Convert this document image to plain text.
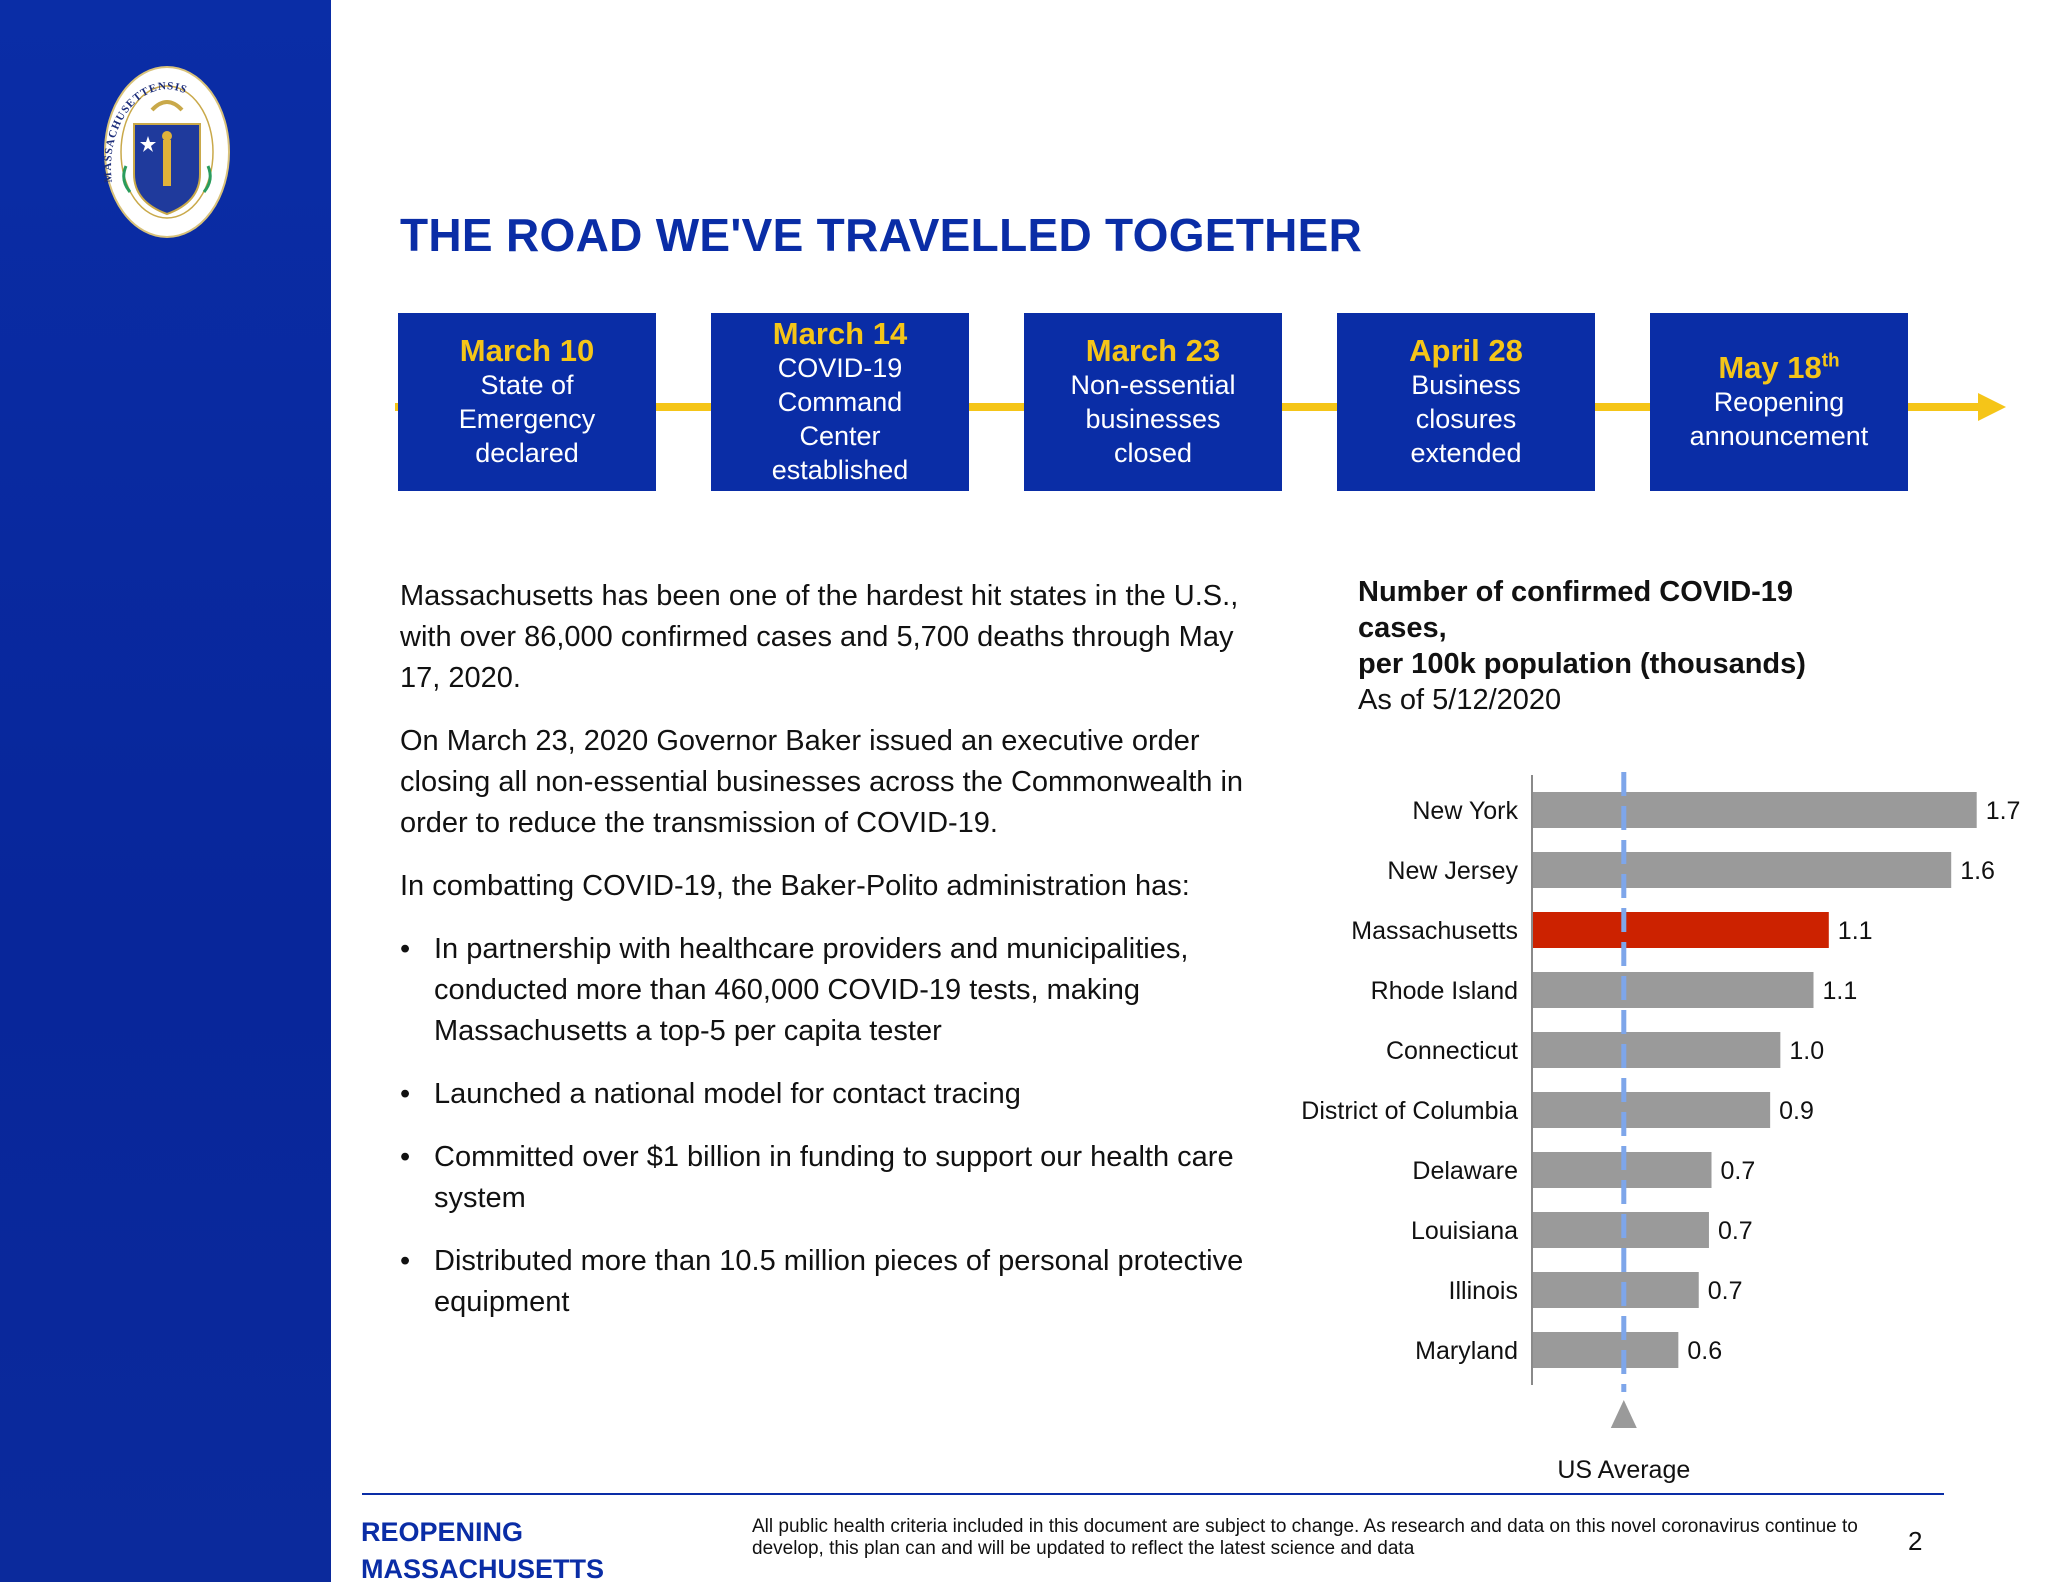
MASSACHUSETTENSIS
THE ROAD WE'VE TRAVELLED TOGETHER
March 10
State of
Emergency
declared
March 14
COVID-19
Command
Center
established
March 23
Non-essential
businesses
closed
April 28
Business
closures
extended
May 18th
Reopening
announcement

Massachusetts has been one of the hardest hit states in the U.S., with over 86,000 confirmed cases and 5,700 deaths through May 17, 2020.

On March 23, 2020 Governor Baker issued an executive order closing all non-essential businesses across the Commonwealth in order to reduce the transmission of COVID-19.

In combatting COVID-19, the Baker-Polito administration has:

• In partnership with healthcare providers and municipalities, conducted more than 460,000 COVID-19 tests, making Massachusetts a top-5 per capita tester
• Launched a national model for contact tracing
• Committed over $1 billion in funding to support our health care system
• Distributed more than 10.5 million pieces of personal protective equipment
Number of confirmed COVID-19
cases,
per 100k population (thousands)
As of 5/12/2020
New York	1.7
New Jersey	1.6
Massachusetts	1.1
Rhode Island	1.1
Connecticut	1.0
District of Columbia	0.9
Delaware	0.7
Louisiana	0.7
Illinois	0.7
Maryland	0.6
US Average
REOPENING
MASSACHUSETTS
All public health criteria included in this document are subject to change. As research and data on this novel coronavirus continue to develop, this plan can and will be updated to reflect the latest science and data	2
